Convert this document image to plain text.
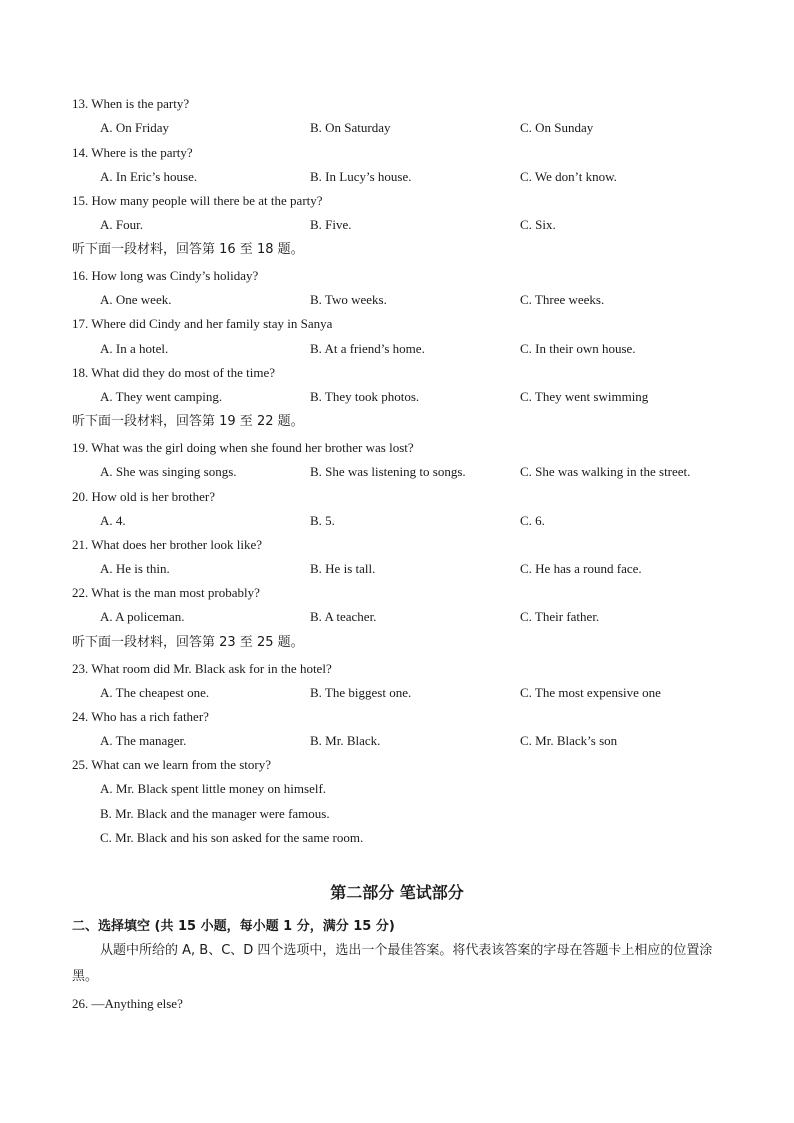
13. When is the party?
A. On Friday	B. On Saturday	C. On Sunday
14. Where is the party?
A. In Eric’s house.	B. In Lucy’s house.	C. We don’t know.
15. How many people will there be at the party?
A. Four.	B. Five.	C. Six.
听下面一段材料，回答第 16 至 18 题。
16. How long was Cindy’s holiday?
A. One week.	B. Two weeks.	C. Three weeks.
17. Where did Cindy and her family stay in Sanya
A. In a hotel.	B. At a friend’s home.	C. In their own house.
18. What did they do most of the time?
A. They went camping.	B. They took photos.	C. They went swimming
听下面一段材料，回答第 19 至 22 题。
19. What was the girl doing when she found her brother was lost?
A. She was singing songs.	B. She was listening to songs.	C. She was walking in the street.
20. How old is her brother?
A. 4.	B. 5.	C. 6.
21. What does her brother look like?
A. He is thin.	B. He is tall.	C. He has a round face.
22. What is the man most probably?
A. A policeman.	B. A teacher.	C. Their father.
听下面一段材料，回答第 23 至 25 题。
23. What room did Mr. Black ask for in the hotel?
A. The cheapest one.	B. The biggest one.	C. The most expensive one
24. Who has a rich father?
A. The manager.	B. Mr. Black.	C. Mr. Black’s son
25. What can we learn from the story?
A. Mr. Black spent little money on himself.
B. Mr. Black and the manager were famous.
C. Mr. Black and his son asked for the same room.
第二部分 笔试部分
二、选择填空 (共 15 小题，每小题 1 分，满分 15 分)
从题中所给的 A, B、C、D 四个选项中，选出一个最佳答案。将代表该答案的字母在答题卡上相应的位置涂黑。
26. —Anything else?
